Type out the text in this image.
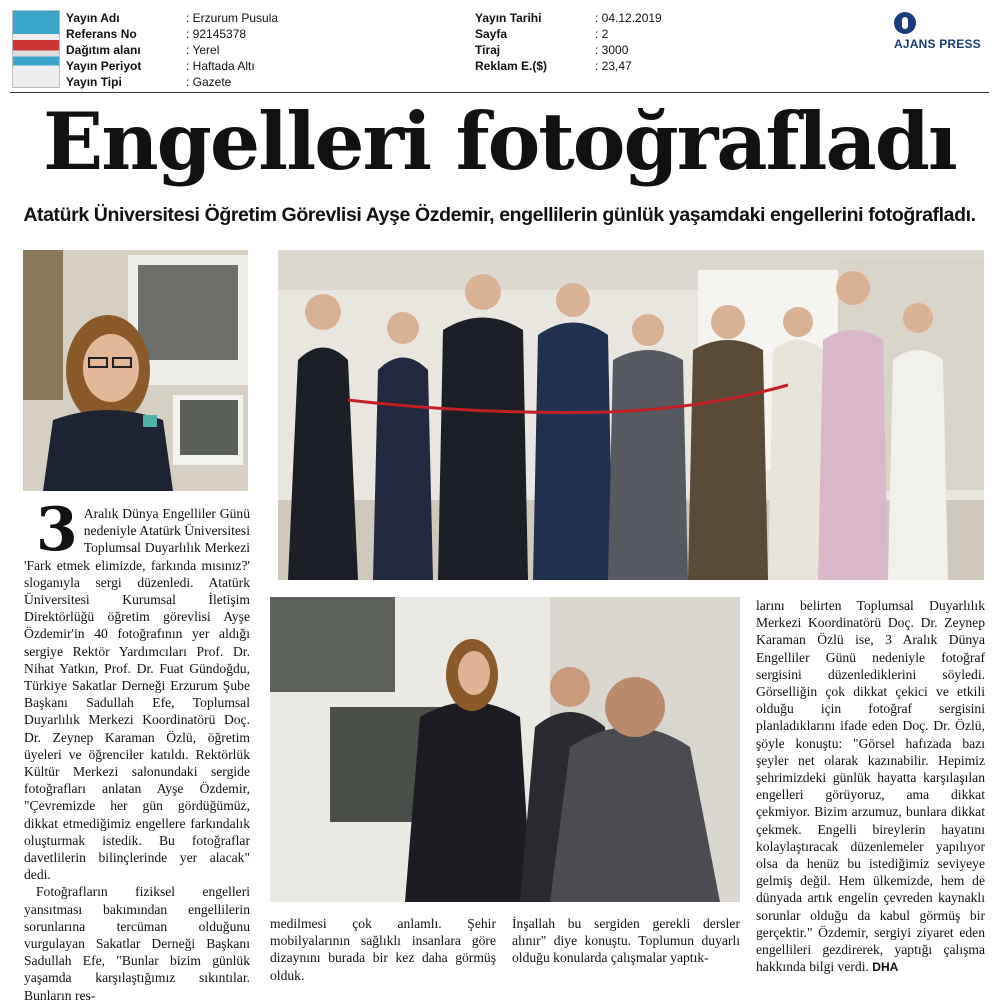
Yayın Adı	: Erzurum Pusula
Referans No	: 92145378
Dağıtım alanı	: Yerel
Yayın Periyot	: Haftada Altı
Yayın Tipi	: Gazete
Yayın Tarihi	: 04.12.2019
Sayfa	: 2
Tiraj	: 3000
Reklam E.($)	: 23,47
AJANS PRESS
Engelleri fotoğrafladı
Atatürk Üniversitesi Öğretim Görevlisi Ayşe Özdemir, engellilerin günlük yaşamdaki engellerini fotoğrafladı.

3 Aralık Dünya Engelliler Günü nedeniyle Atatürk Üniversitesi Toplumsal Duyarlılık Merkezi 'Fark etmek elimizde, farkında mısınız?' sloganıyla sergi düzenledi. Atatürk Üniversitesi Kurumsal İletişim Direktörlüğü öğretim görevlisi Ayşe Özdemir'in 40 fotoğrafının yer aldığı sergiye Rektör Yardımcıları Prof. Dr. Nihat Yatkın, Prof. Dr. Fuat Gündoğdu, Türkiye Sakatlar Derneği Erzurum Şube Başkanı Sadullah Efe, Toplumsal Duyarlılık Merkezi Koordinatörü Doç. Dr. Zeynep Karaman Özlü, öğretim üyeleri ve öğrenciler katıldı. Rektörlük Kültür Merkezi salonundaki sergide fotoğrafları anlatan Ayşe Özdemir, "Çevremizde her gün gördüğümüz, dikkat etmediğimiz engellere farkındalık oluşturmak istedik. Bu fotoğraflar davetlilerin bilinçlerinde yer alacak" dedi.

Fotoğrafların fiziksel engelleri yansıtması bakımından engellilerin sorunlarına tercüman olduğunu vurgulayan Sakatlar Derneği Başkanı Sadullah Efe, "Bunlar bizim günlük yaşamda karşılaştığımız sıkıntılar. Bunların res-

medilmesi çok anlamlı. Şehir mobilyalarının sağlıklı insanlara göre dizaynını burada bir kez daha görmüş olduk.

İnşallah bu sergiden gerekli dersler alınır" diye konuştu. Toplumun duyarlı olduğu konularda çalışmalar yaptık-

larını belirten Toplumsal Duyarlılık Merkezi Koordinatörü Doç. Dr. Zeynep Karaman Özlü ise, 3 Aralık Dünya Engelliler Günü nedeniyle fotoğraf sergisini düzenlediklerini söyledi. Görselliğin çok dikkat çekici ve etkili olduğu için fotoğraf sergisini planladıklarını ifade eden Doç. Dr. Özlü, şöyle konuştu: "Görsel hafızada bazı şeyler net olarak kazınabilir. Hepimiz şehrimizdeki günlük hayatta karşılaşılan engelleri görüyoruz, ama dikkat çekmiyor. Bizim arzumuz, bunlara dikkat çekmek. Engelli bireylerin hayatını kolaylaştıracak düzenlemeler yapılıyor olsa da henüz bu istediğimiz seviyeye gelmiş değil. Hem ülkemizde, hem de dünyada artık engelin çevreden kaynaklı sorunlar olduğu da kabul görmüş bir gerçektir." Özdemir, sergiyi ziyaret eden engellileri gezdirerek, yaptığı çalışma hakkında bilgi verdi. DHA
